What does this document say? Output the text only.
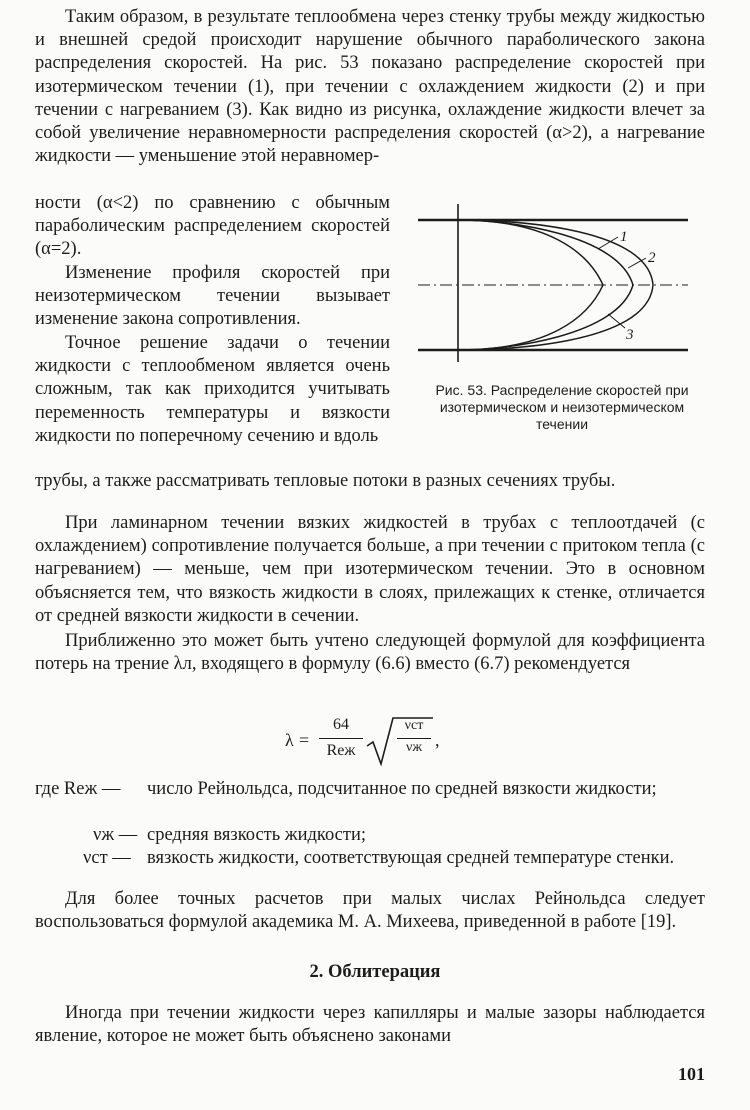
Таким образом, в результате теплообмена через стенку трубы между жидкостью и внешней средой происходит нарушение обычного параболического закона распределения скоростей. На рис. 53 показано распределение скоростей при изотермическом течении (1), при течении с охлаждением жидкости (2) и при течении с нагреванием (3). Как видно из рисунка, охлаждение жидкости влечет за собой увеличение неравномерности распределения скоростей (α>2), а нагревание жидкости — уменьшение этой неравномер-
ности (α<2) по сравнению с обычным параболическим распределением скоростей (α=2).
Изменение профиля скоростей при неизотермическом течении вызывает изменение закона сопротивления.
Точное решение задачи о течении жидкости с теплообменом является очень сложным, так как приходится учитывать переменность температуры и вязкости жидкости по поперечному сечению и вдоль
трубы, а также рассматривать тепловые потоки в разных сечениях трубы.
1
2
3
Рис. 53. Распределение скоростей при изотермическом и неизотермическом течении
При ламинарном течении вязких жидкостей в трубах с теплоотдачей (с охлаждением) сопротивление получается больше, а при течении с притоком тепла (с нагреванием) — меньше, чем при изотермическом течении. Это в основном объясняется тем, что вязкость жидкости в слоях, прилежащих к стенке, отличается от средней вязкости жидкости в сечении.
Приближенно это может быть учтено следующей формулой для коэффициента потерь на трение λл, входящего в формулу (6.6) вместо (6.7) рекомендуется
λ =
64
Reж
νст
νж ,
где Reж — число Рейнольдса, подсчитанное по средней вязкости жидкости;
νж — средняя вязкость жидкости;
νст — вязкость жидкости, соответствующая средней температуре стенки.
Для более точных расчетов при малых числах Рейнольдса следует воспользоваться формулой академика М. А. Михеева, приведенной в работе [19].
2. Облитерация
Иногда при течении жидкости через капилляры и малые зазоры наблюдается явление, которое не может быть объяснено законами
101
